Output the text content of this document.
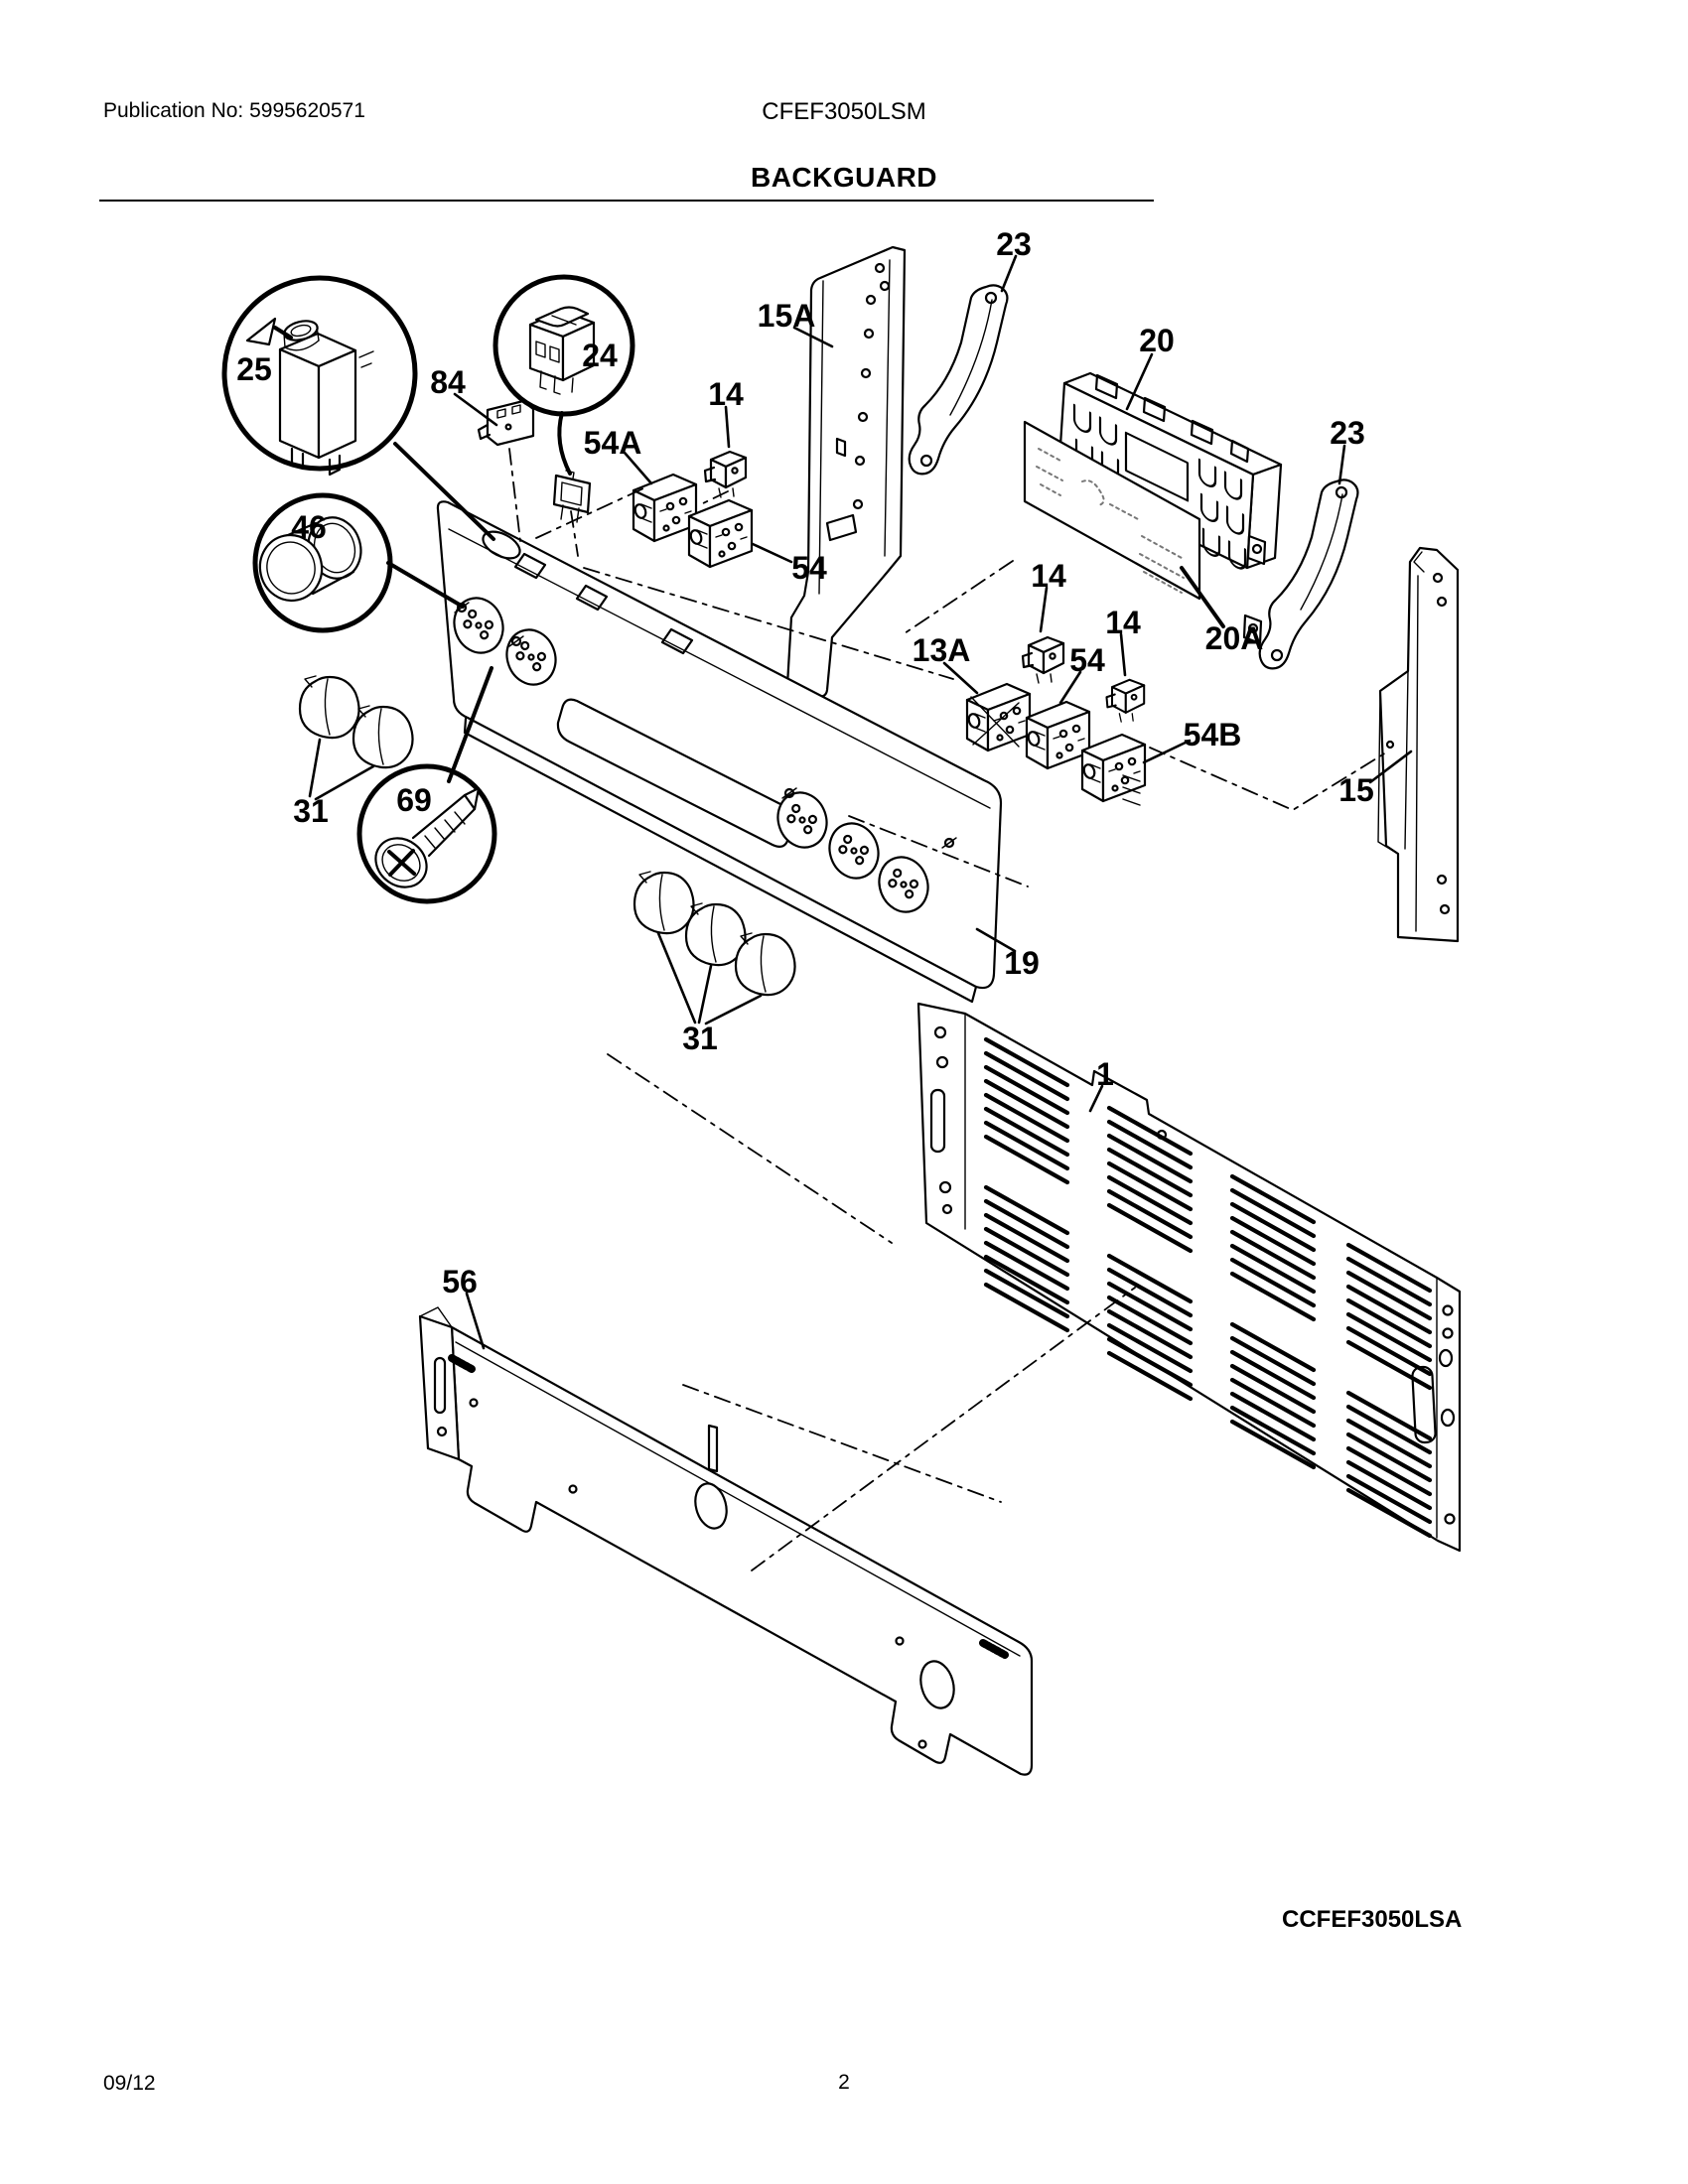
Publication No: 5995620571	CFEF3050LSM
BACKGUARD
25	24
84
54A
14
15A
23
20
23
46
54
13A
14
14
54
20A
54B
15
31 69
19
31
1
56
CCFEF3050LSA
09/12	2
